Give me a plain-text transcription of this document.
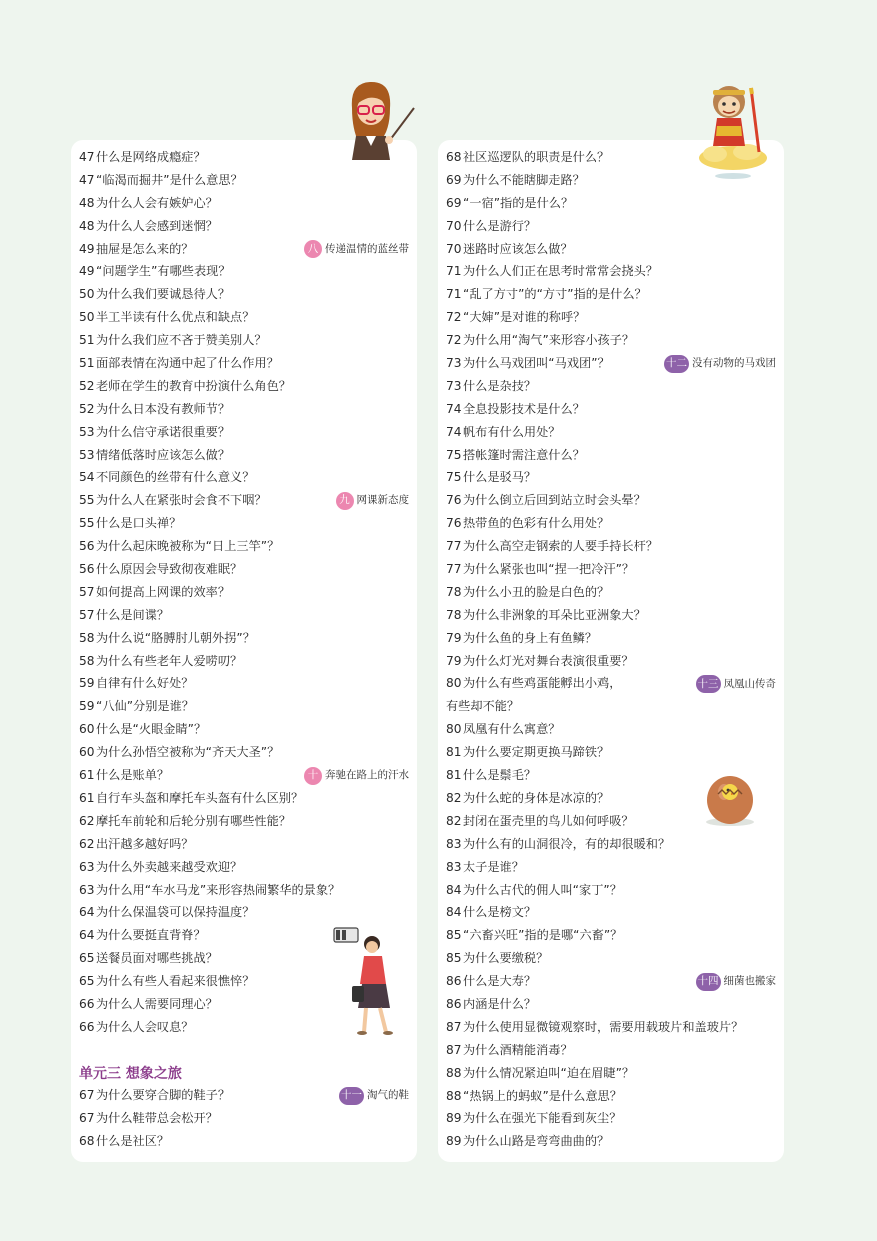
47什么是网络成瘾症？
47“临渴而掘井”是什么意思？
48为什么人会有嫉妒心？
48为什么人会感到迷惘？
49抽屉是怎么来的？	八 传递温情的蓝丝带
49“问题学生”有哪些表现？
50为什么我们要诚恳待人？
50半工半读有什么优点和缺点？
51为什么我们应不吝于赞美别人？
51面部表情在沟通中起了什么作用？
52老师在学生的教育中扮演什么角色？
52为什么日本没有教师节？
53为什么信守承诺很重要？
53情绪低落时应该怎么做？
54不同颜色的丝带有什么意义？
55为什么人在紧张时会食不下咽？	九 网课新态度
55什么是口头禅？
56为什么起床晚被称为“日上三竿”？
56什么原因会导致彻夜难眠？
57如何提高上网课的效率？
57什么是间谍？
58为什么说“胳膊肘儿朝外拐”？
58为什么有些老年人爱唠叨？
59自律有什么好处？
59“八仙”分别是谁？
60什么是“火眼金睛”？
60为什么孙悟空被称为“齐天大圣”？
61什么是账单？	十 奔驰在路上的汗水
61自行车头盔和摩托车头盔有什么区别？
62摩托车前轮和后轮分别有哪些性能？
62出汗越多越好吗？
63为什么外卖越来越受欢迎？
63为什么用“车水马龙”来形容热闹繁华的景象？
64为什么保温袋可以保持温度？
64为什么要挺直背脊？
65送餐员面对哪些挑战？
65为什么有些人看起来很憔悴？
66为什么人需要同理心？
66为什么人会叹息？
单元三 想象之旅
67为什么要穿合脚的鞋子？	十一 淘气的鞋
67为什么鞋带总会松开？
68什么是社区？
68社区巡逻队的职责是什么？
69为什么不能瞎脚走路？
69“一宿”指的是什么？
70什么是游行？
70迷路时应该怎么做？
71为什么人们正在思考时常常会挠头？
71“乱了方寸”的“方寸”指的是什么？
72“大婶”是对谁的称呼？
72为什么用“淘气”来形容小孩子？
73为什么马戏团叫“马戏团”？	十二 没有动物的马戏团
73什么是杂技？
74全息投影技术是什么？
74帆布有什么用处？
75搭帐篷时需注意什么？
75什么是驳马？
76为什么倒立后回到站立时会头晕？
76热带鱼的色彩有什么用处？
77为什么高空走钢索的人要手持长杆？
77为什么紧张也叫“捏一把冷汗”？
78为什么小丑的脸是白色的？
78为什么非洲象的耳朵比亚洲象大？
79为什么鱼的身上有鱼鳞？
79为什么灯光对舞台表演很重要？
80为什么有些鸡蛋能孵出小鸡，
有些却不能？
十三 凤凰山传奇
80凤凰有什么寓意？
81为什么要定期更换马蹄铁？
81什么是鬃毛？
82为什么蛇的身体是冰凉的？
82封闭在蛋壳里的鸟儿如何呼吸？
83为什么有的山洞很冷，有的却很暖和？
83太子是谁？
84为什么古代的佣人叫“家丁”？
84什么是榜文？
85“六畜兴旺”指的是哪“六畜”？
85为什么要缴税？
86什么是大寿？	十四 细菌也搬家
86内涵是什么？
87为什么使用显微镜观察时，需要用载玻片和盖玻片？
87为什么酒精能消毒？
88为什么情况紧迫叫“迫在眉睫”？
88“热锅上的蚂蚁”是什么意思？
89为什么在强光下能看到灰尘？
89为什么山路是弯弯曲曲的？
